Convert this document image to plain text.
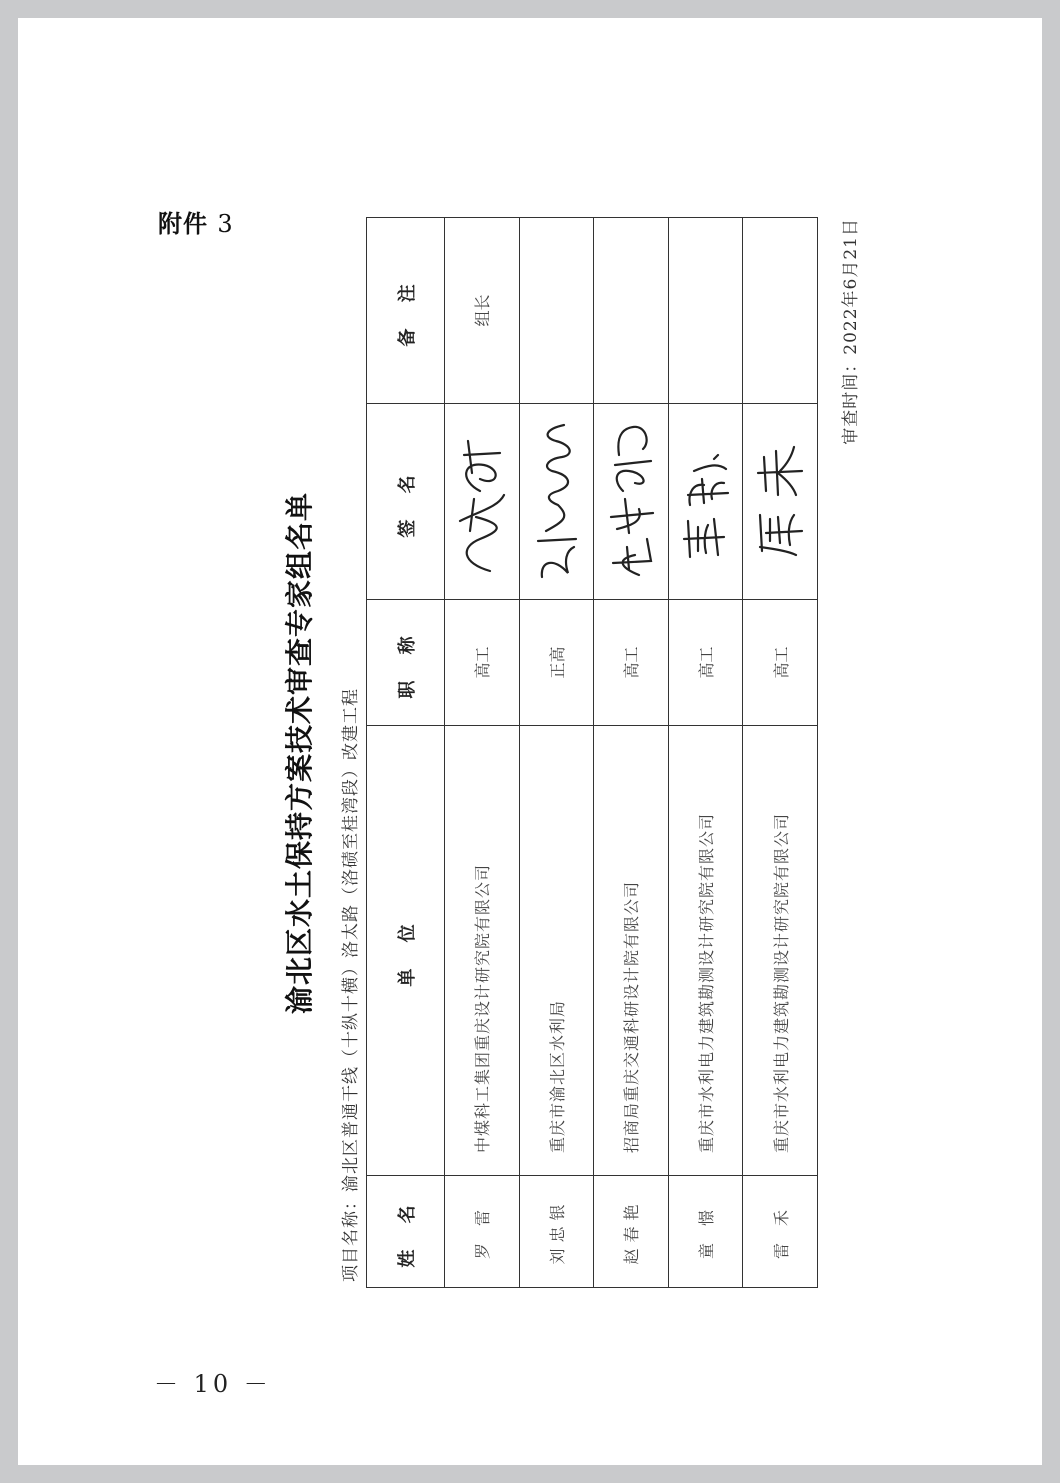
附件 3
－ 10 －
渝北区水土保持方案技术审查专家组名单
项目名称：渝北区普通干线（十纵十横）洛太路（洛碛至桂湾段）改建工程
姓 名	单 位	职 称	签 名	备 注
罗 雷	中煤科工集团重庆设计研究院有限公司	高工		组长
刘忠银	重庆市渝北区水利局	正高	

赵春艳	招商局重庆交通科研设计院有限公司	高工	

童 憬	重庆市水利电力建筑勘测设计研究院有限公司	高工	

雷 禾	重庆市水利电力建筑勘测设计研究院有限公司	高工	

审查时间：2022年6月21日
